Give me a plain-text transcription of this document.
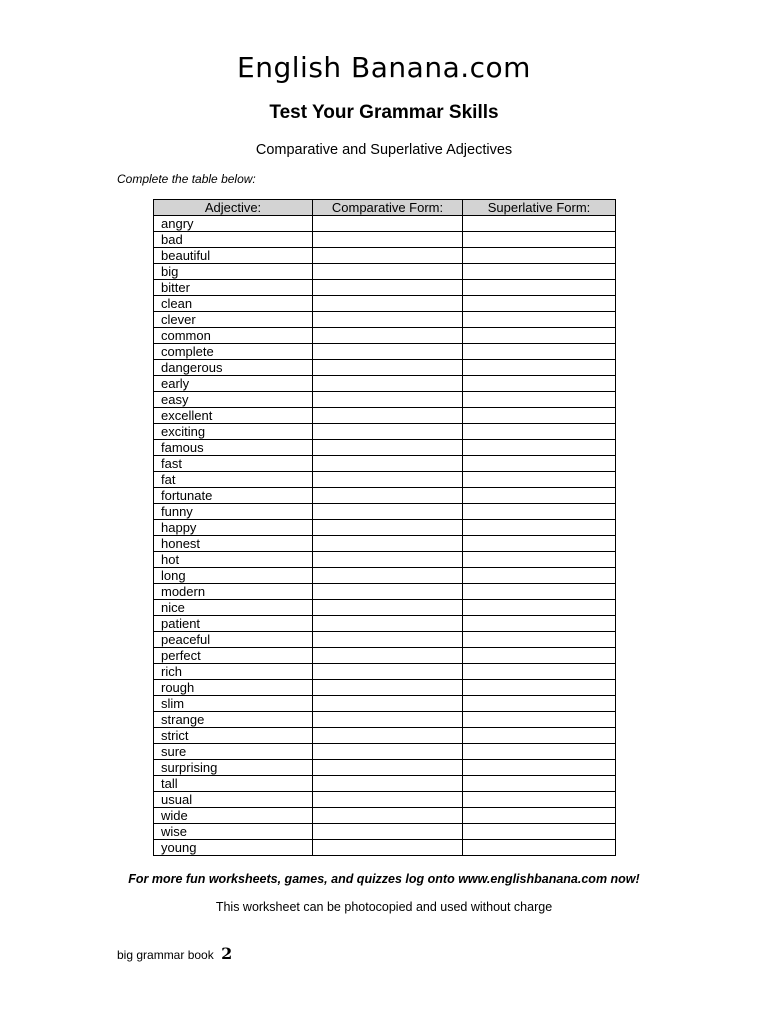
English Banana.com
Test Your Grammar Skills
Comparative and Superlative Adjectives
Complete the table below:
Adjective:	Comparative Form:	Superlative Form:
angry		
bad		
beautiful		
big		
bitter		
clean		
clever		
common		
complete		
dangerous		
early		
easy		
excellent		
exciting		
famous		
fast		
fat		
fortunate		
funny		
happy		
honest		
hot		
long		
modern		
nice		
patient		
peaceful		
perfect		
rich		
rough		
slim		
strange		
strict		
sure		
surprising		
tall		
usual		
wide		
wise		
young		
For more fun worksheets, games, and quizzes log onto www.englishbanana.com now!
This worksheet can be photocopied and used without charge
big grammar book 2
